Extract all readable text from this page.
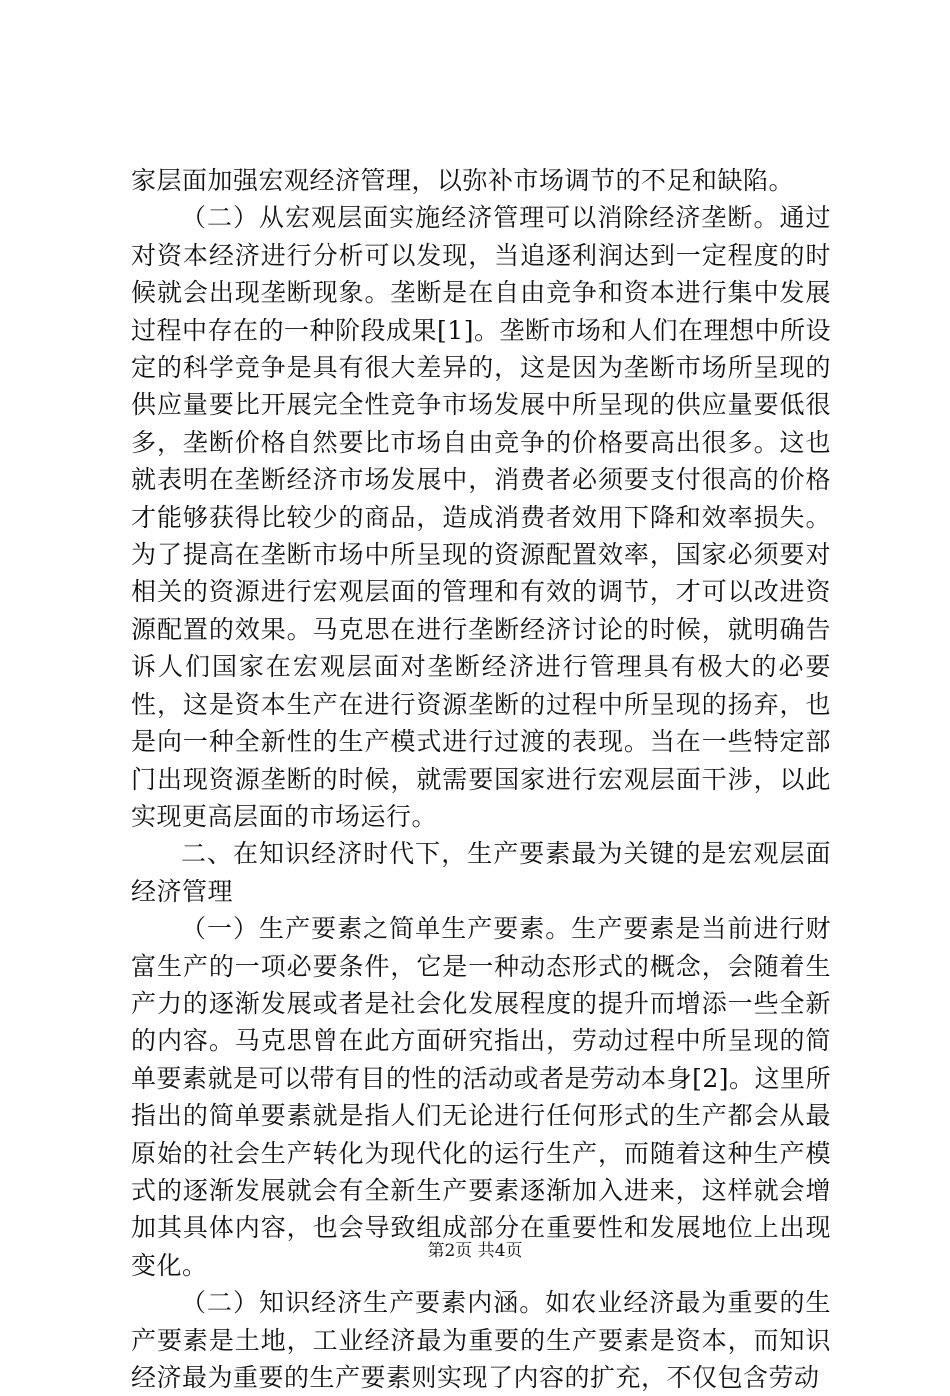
家层面加强宏观经济管理，以弥补市场调节的不足和缺陷。

（二）从宏观层面实施经济管理可以消除经济垄断。通过对资本经济进行分析可以发现，当追逐利润达到一定程度的时候就会出现垄断现象。垄断是在自由竞争和资本进行集中发展过程中存在的一种阶段成果[1]。垄断市场和人们在理想中所设定的科学竞争是具有很大差异的，这是因为垄断市场所呈现的供应量要比开展完全性竞争市场发展中所呈现的供应量要低很多，垄断价格自然要比市场自由竞争的价格要高出很多。这也就表明在垄断经济市场发展中，消费者必须要支付很高的价格才能够获得比较少的商品，造成消费者效用下降和效率损失。为了提高在垄断市场中所呈现的资源配置效率，国家必须要对相关的资源进行宏观层面的管理和有效的调节，才可以改进资源配置的效果。马克思在进行垄断经济讨论的时候，就明确告诉人们国家在宏观层面对垄断经济进行管理具有极大的必要性，这是资本生产在进行资源垄断的过程中所呈现的扬弃，也是向一种全新性的生产模式进行过渡的表现。当在一些特定部门出现资源垄断的时候，就需要国家进行宏观层面干涉，以此实现更高层面的市场运行。

二、在知识经济时代下，生产要素最为关键的是宏观层面经济管理

（一）生产要素之简单生产要素。生产要素是当前进行财富生产的一项必要条件，它是一种动态形式的概念，会随着生产力的逐渐发展或者是社会化发展程度的提升而增添一些全新的内容。马克思曾在此方面研究指出，劳动过程中所呈现的简单要素就是可以带有目的性的活动或者是劳动本身[2]。这里所指出的简单要素就是指人们无论进行任何形式的生产都会从最原始的社会生产转化为现代化的运行生产，而随着这种生产模式的逐渐发展就会有全新生产要素逐渐加入进来，这样就会增加其具体内容，也会导致组成部分在重要性和发展地位上出现变化。

（二）知识经济生产要素内涵。如农业经济最为重要的生产要素是土地，工业经济最为重要的生产要素是资本，而知识经济最为重要的生产要素则实现了内容的扩充，不仅包含劳动

第2页 共4页
